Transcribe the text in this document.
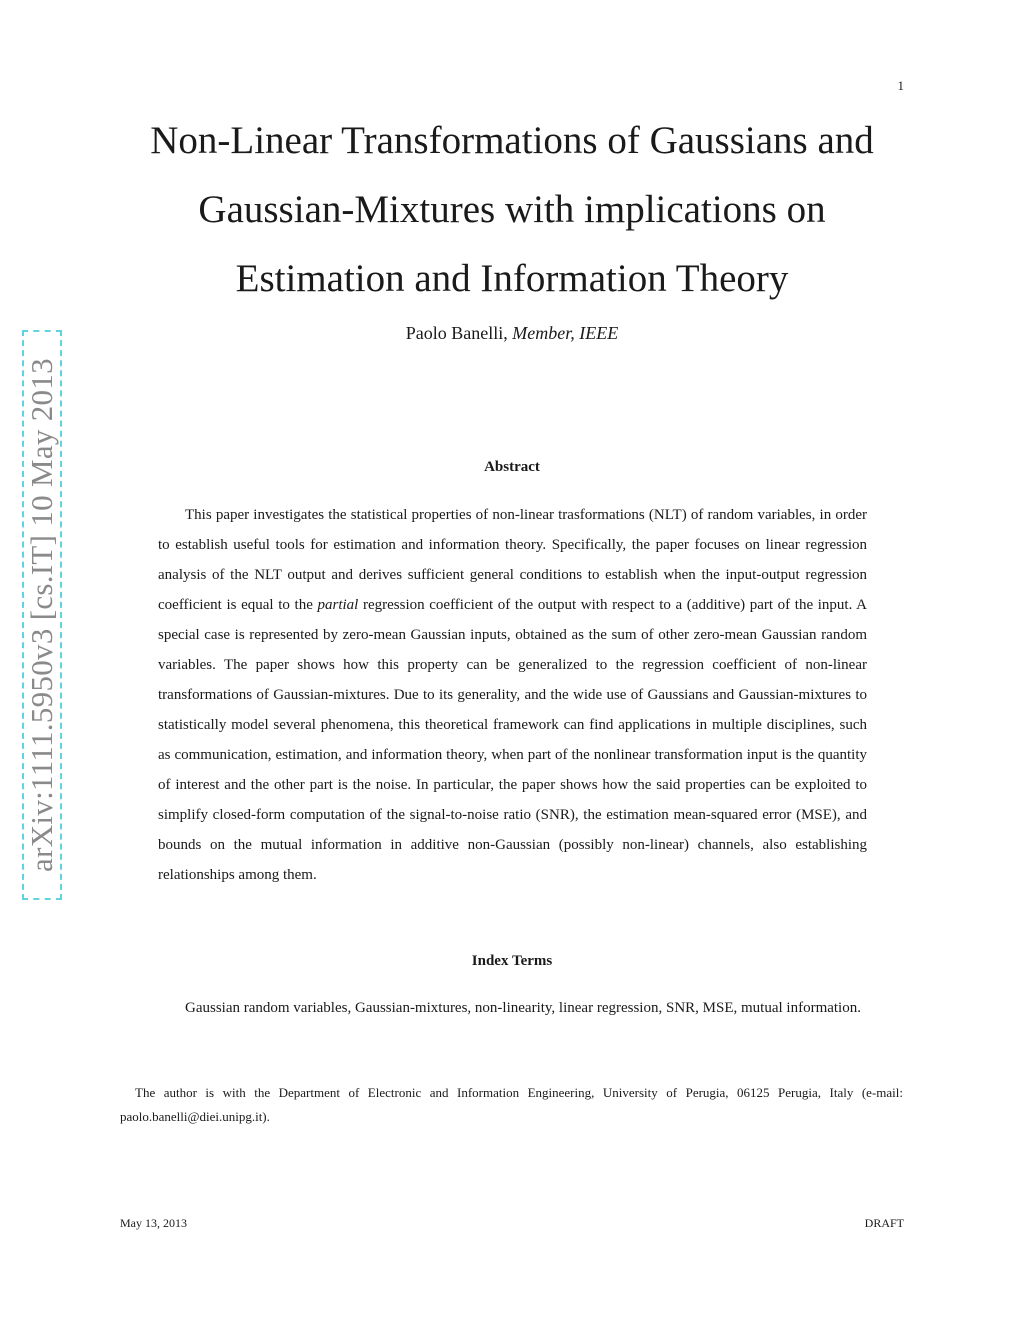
1
arXiv:1111.5950v3 [cs.IT] 10 May 2013
Non-Linear Transformations of Gaussians and
Gaussian-Mixtures with implications on
Estimation and Information Theory
Paolo Banelli, Member, IEEE
Abstract

This paper investigates the statistical properties of non-linear trasformations (NLT) of random variables, in order to establish useful tools for estimation and information theory. Specifically, the paper focuses on linear regression analysis of the NLT output and derives sufficient general conditions to establish when the input-output regression coefficient is equal to the partial regression coefficient of the output with respect to a (additive) part of the input. A special case is represented by zero-mean Gaussian inputs, obtained as the sum of other zero-mean Gaussian random variables. The paper shows how this property can be generalized to the regression coefficient of non-linear transformations of Gaussian-mixtures. Due to its generality, and the wide use of Gaussians and Gaussian-mixtures to statistically model several phenomena, this theoretical framework can find applications in multiple disciplines, such as communication, estimation, and information theory, when part of the nonlinear transformation input is the quantity of interest and the other part is the noise. In particular, the paper shows how the said properties can be exploited to simplify closed-form computation of the signal-to-noise ratio (SNR), the estimation mean-squared error (MSE), and bounds on the mutual information in additive non-Gaussian (possibly non-linear) channels, also establishing relationships among them.

Index Terms

Gaussian random variables, Gaussian-mixtures, non-linearity, linear regression, SNR, MSE, mutual information.

The author is with the Department of Electronic and Information Engineering, University of Perugia, 06125 Perugia, Italy (e-mail: paolo.banelli@diei.unipg.it).

May 13, 2013	DRAFT
